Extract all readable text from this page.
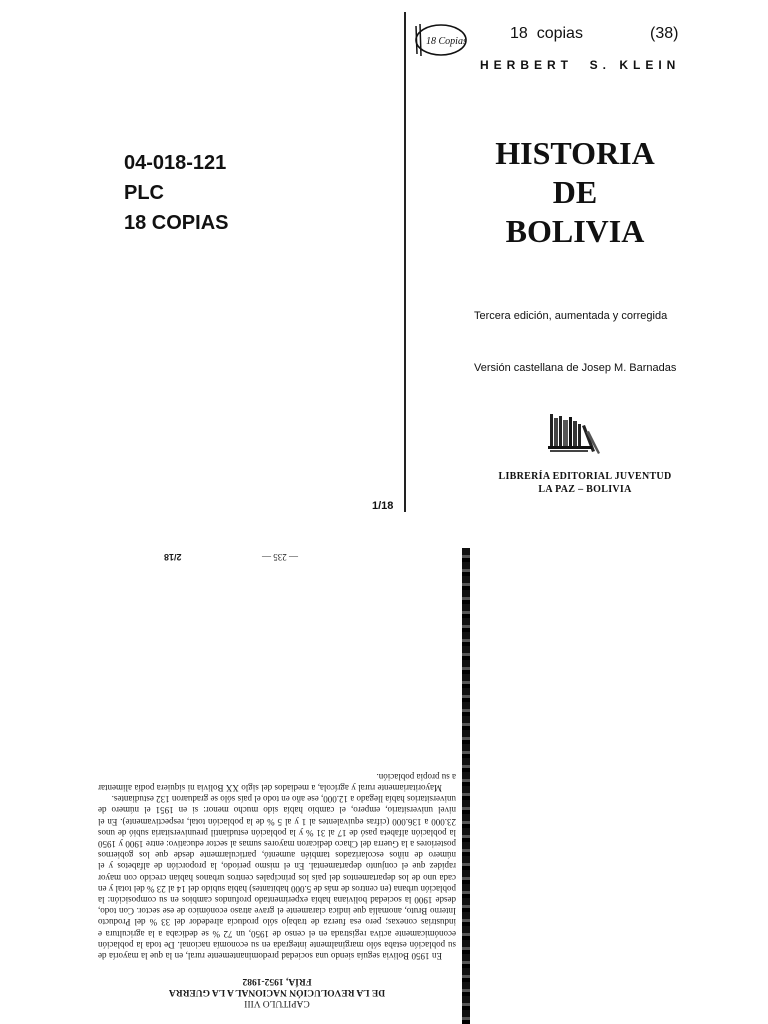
04-018-121
PLC
18 COPIAS
18 Copias	18  copias	(38)
HERBERT  S. KLEIN
HISTORIA
DE
BOLIVIA
Tercera edición, aumentada y corregida
Versión castellana de Josep M. Barnadas
LIBRERÍA EDITORIAL JUVENTUD
LA PAZ – BOLIVIA
1/18
CAPITULO VIII
DE LA REVOLUCIÓN NACIONAL A LA GUERRA
FRÍA, 1952-1982

En 1950 Bolivia seguía siendo una sociedad predominantemente rural, en la que la mayoría de su población estaba sólo marginalmente integrada en su economía nacional. De toda la población económicamente activa registrada en el censo de 1950, un 72 % se dedicaba a la agricultura e industrias conexas; pero esa fuerza de trabajo sólo producía alrededor del 33 % del Producto Interno Bruto, anomalía que indica claramente el grave atraso económico de ese sector. Con todo, desde 1900 la sociedad boliviana había experimentado profundos cambios en su composición: la población urbana (en centros de más de 5.000 habitantes) había subido del 14 al 23 % del total y en cada uno de los departamentos del país los principales centros urbanos habían crecido con mayor rapidez que el conjunto departamental. En el mismo período, la proporción de alfabetos y el número de niños escolarizados también aumentó, particularmente desde que los gobiernos posteriores a la Guerra del Chaco dedicaron mayores sumas al sector educativo: entre 1900 y 1950 la población alfabeta pasó de 17 al 31 % y la población estudiantil preuniversitaria subió de unos 23.000 a 136.000 (cifras equivalentes al 1 y al 5 % de la población total, respectivamente). En el nivel universitario, empero, el cambio había sido mucho menor: si en 1951 el número de universitarios había llegado a 12.000, ese año en todo el país sólo se graduaron 132 estudiantes.

Mayoritariamente rural y agrícola, a mediados del siglo XX Bolivia ni siquiera podía alimentar a su propia población.

— 235 —
2/18
